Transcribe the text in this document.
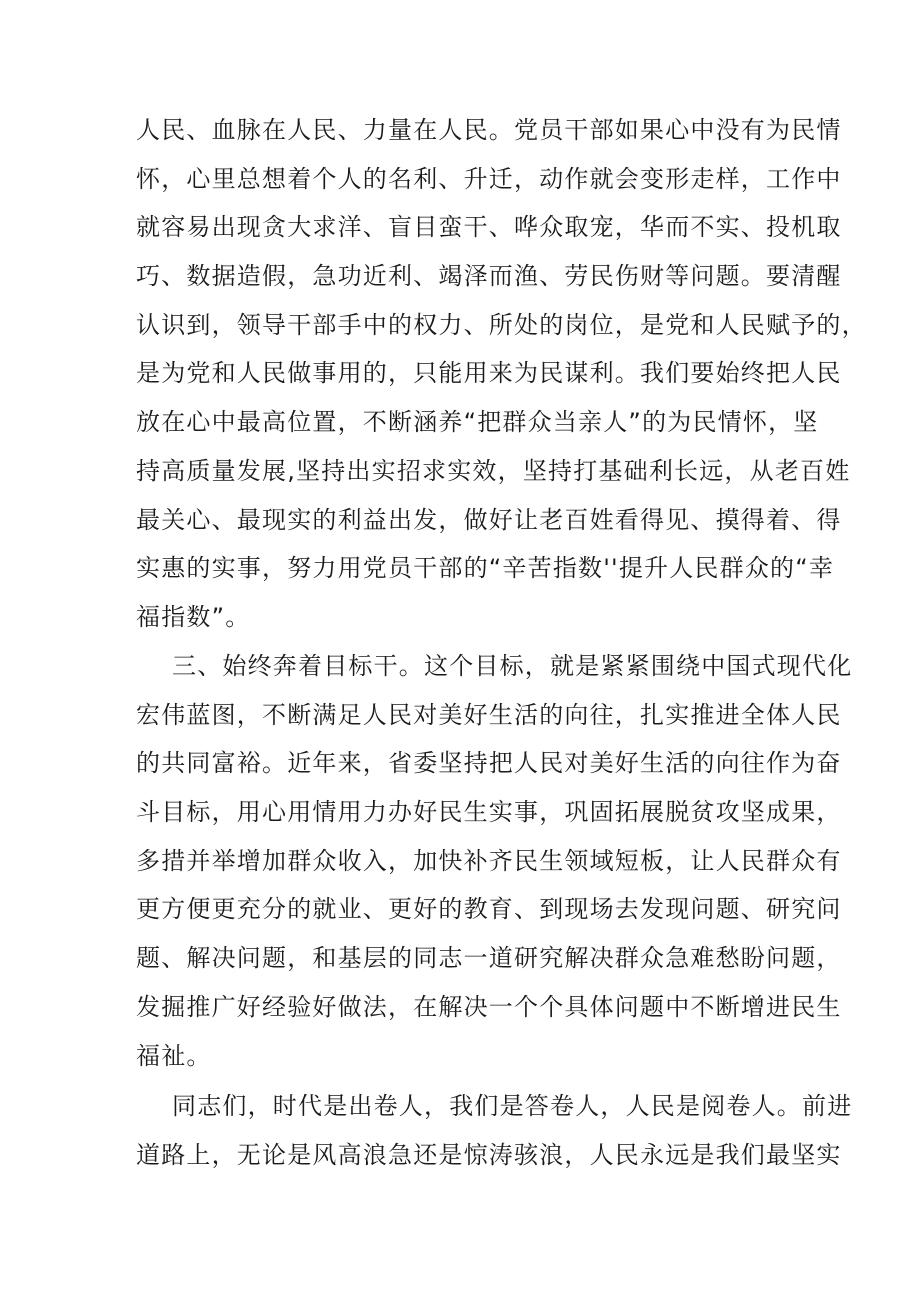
人民、血脉在人民、力量在人民。党员干部如果心中没有为民情
怀，心里总想着个人的名利、升迁，动作就会变形走样，工作中
就容易出现贪大求洋、盲目蛮干、哗众取宠，华而不实、投机取
巧、数据造假，急功近利、竭泽而渔、劳民伤财等问题。要清醒
认识到，领导干部手中的权力、所处的岗位，是党和人民赋予的，
是为党和人民做事用的，只能用来为民谋利。我们要始终把人民
放在心中最高位置，不断涵养“把群众当亲人”的为民情怀，坚
持高质量发展,坚持出实招求实效，坚持打基础利长远，从老百姓
最关心、最现实的利益出发，做好让老百姓看得见、摸得着、得
实惠的实事，努力用党员干部的“辛苦指数''提升人民群众的“幸
福指数”。
三、始终奔着目标干。这个目标，就是紧紧围绕中国式现代化
宏伟蓝图，不断满足人民对美好生活的向往，扎实推进全体人民
的共同富裕。近年来，省委坚持把人民对美好生活的向往作为奋
斗目标，用心用情用力办好民生实事，巩固拓展脱贫攻坚成果，
多措并举增加群众收入，加快补齐民生领域短板，让人民群众有
更方便更充分的就业、更好的教育、到现场去发现问题、研究问
题、解决问题，和基层的同志一道研究解决群众急难愁盼问题，
发掘推广好经验好做法，在解决一个个具体问题中不断增进民生
福祉。
同志们，时代是出卷人，我们是答卷人，人民是阅卷人。前进
道路上，无论是风高浪急还是惊涛骇浪，人民永远是我们最坚实
